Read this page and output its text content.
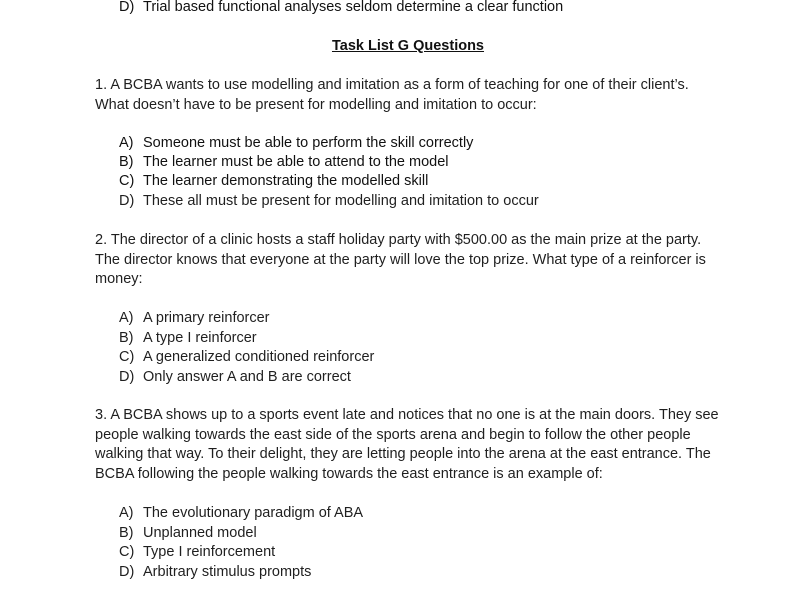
D) Trial based functional analyses seldom determine a clear function
Task List G Questions

1. A BCBA wants to use modelling and imitation as a form of teaching for one of their client’s. What doesn’t have to be present for modelling and imitation to occur:

A) Someone must be able to perform the skill correctly
B) The learner must be able to attend to the model
C) The learner demonstrating the modelled skill
D) These all must be present for modelling and imitation to occur

2. The director of a clinic hosts a staff holiday party with $500.00 as the main prize at the party. The director knows that everyone at the party will love the top prize. What type of a reinforcer is money:

A) A primary reinforcer
B) A type I reinforcer
C) A generalized conditioned reinforcer
D) Only answer A and B are correct

3. A BCBA shows up to a sports event late and notices that no one is at the main doors. They see people walking towards the east side of the sports arena and begin to follow the other people walking that way. To their delight, they are letting people into the arena at the east entrance. The BCBA following the people walking towards the east entrance is an example of:

A) The evolutionary paradigm of ABA
B) Unplanned model
C) Type I reinforcement
D) Arbitrary stimulus prompts
